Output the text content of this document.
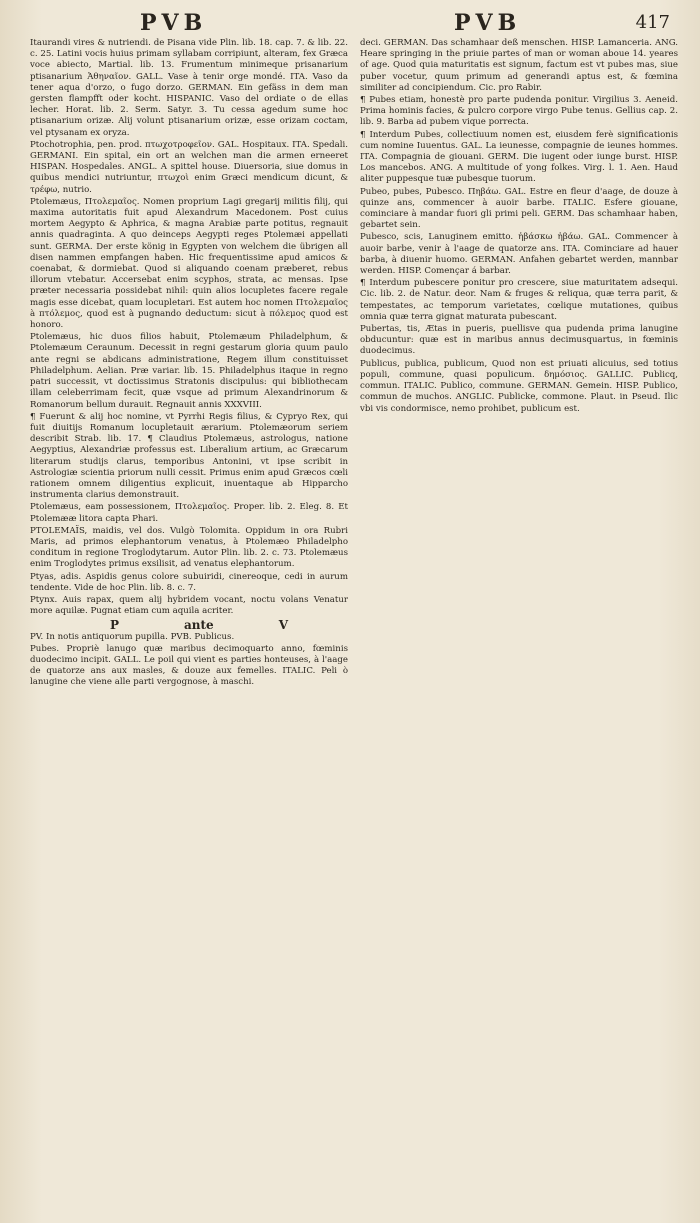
PVB	PVB	417

Itaurandi vires & nutriendi. de Pisana vide Plin. lib. 18. cap. 7. & lib. 22. c. 25. Latini vocis huius primam syllabam corripiunt, alteram, fex Græca voce abiecto, Martial. lib. 13. Frumentum minimeque prisanarium ptisanarium Ἀθηναῖον. GALL. Vase à tenir orge mondé. ITA. Vaso da tener aqua d'orzo, o fugo dorzo. GERMAN. Ein gefäss in dem man gersten flampfft oder kocht. HISPANIC. Vaso del ordiate o de ellas lecher. Horat. lib. 2. Serm. Satyr. 3. Tu cessa agedum sume hoc ptisanarium orizæ. Alij volunt ptisanarium orizæ, esse orizam coctam, vel ptysanam ex oryza.

Ptochotrophia, pen. prod. πτωχοτροφεῖον. GAL. Hospitaux. ITA. Spedali. GERMANI. Ein spital, ein ort an welchen man die armen erneeret HISPAN. Hospedales. ANGL. A spittel house. Diuersoria, siue domus in quibus mendici nutriuntur, πτωχοὶ enim Græci mendicum dicunt, & τρέφω, nutrio.

Ptolemæus, Πτολεμαῖος. Nomen proprium Lagi gregarij militis filij, qui maxima autoritatis fuit apud Alexandrum Macedonem. Post cuius mortem Aegypto & Aphrica, & magna Arabiæ parte potitus, regnauit annis quadraginta. A quo deinceps Aegypti reges Ptolemæi appellati sunt. GERMA. Der erste könig in Egypten von welchem die übrigen all disen nammen empfangen haben. Hic frequentissime apud amicos & coenabat, & dormiebat. Quod si aliquando coenam præberet, rebus illorum vtebatur. Accersebat enim scyphos, strata, ac mensas. Ipse præter necessaria possidebat nihil: quin alios locupletes facere regale magis esse dicebat, quam locupletari. Est autem hoc nomen Πτολεμαῖος à πτόλεμος, quod est à pugnando deductum: sicut à πόλεμος quod est honoro.

Ptolemæus, hic duos filios habuit, Ptolemæum Philadelphum, & Ptolemæum Ceraunum. Decessit in regni gestarum gloria quum paulo ante regni se abdicans administratione, Regem illum constituisset Philadelphum. Aelian. Præ variar. lib. 15. Philadelphus itaque in regno patri successit, vt doctissimus Stratonis discipulus: qui bibliothecam illam celeberrimam fecit, quæ vsque ad primum Alexandrinorum & Romanorum bellum durauit. Regnauit annis XXXVIII.

¶ Fuerunt & alij hoc nomine, vt Pyrrhi Regis filius, & Cypryo Rex, qui fuit diuitijs Romanum locupletauit ærarium. Ptolemæorum seriem describit Strab. lib. 17. ¶ Claudius Ptolemæus, astrologus, natione Aegyptius, Alexandriæ professus est. Liberalium artium, ac Græcarum literarum studijs clarus, temporibus Antonini, vt ipse scribit in Astrologiæ scientia priorum nulli cessit. Primus enim apud Græcos cœli rationem omnem diligentius explicuit, inuentaque ab Hipparcho instrumenta clarius demonstrauit.

Ptolemæus, eam possessionem, Πτολεμαῖος. Proper. lib. 2. Eleg. 8. Et Ptolemææ litora capta Phari.

PTOLEMAÏS, maidis, vel dos. Vulgò Tolomita. Oppidum in ora Rubri Maris, ad primos elephantorum venatus, à Ptolemæo Philadelpho conditum in regione Troglodytarum. Autor Plin. lib. 2. c. 73. Ptolemæus enim Troglodytes primus exsilisit, ad venatus elephantorum.

Ptyas, adis. Aspidis genus colore subuiridi, cinereoque, cedi in aurum tendente. Vide de hoc Plin. lib. 8. c. 7.

Ptynx. Auis rapax, quem alij hybridem vocant, noctu volans Venatur more aquilæ. Pugnat etiam cum aquila acriter.

P	ante	V

PV. In notis antiquorum pupilla. PVB. Publicus.

Pubes. Propriè lanugo quæ maribus decimoquarto anno, fœminis duodecimo incipit. GALL. Le poil qui vient es parties honteuses, à l'aage de quatorze ans aux masles, & douze aux femelles. ITALIC. Peli ò lanugine che viene alle parti vergognose, à maschi.

deci. GERMAN. Das schamhaar deß menschen. HISP. Lamanceria. ANG. Heare springing in the priuie partes of man or woman aboue 14. yeares of age. Quod quia maturitatis est signum, factum est vt pubes mas, siue puber vocetur, quum primum ad generandi aptus est, & fœmina similiter ad concipiendum. Cic. pro Rabir.

¶ Pubes etiam, honestè pro parte pudenda ponitur. Virgilius 3. Aeneid. Prima hominis facies, & pulcro corpore virgo Pube tenus. Gellius cap. 2. lib. 9. Barba ad pubem vique porrecta.

¶ Interdum Pubes, collectiuum nomen est, eiusdem ferè significationis cum nomine Iuuentus. GAL. La ieunesse, compagnie de ieunes hommes. ITA. Compagnia de giouani. GERM. Die iugent oder iunge burst. HISP. Los mancebos. ANG. A multitude of yong folkes. Virg. l. 1. Aen. Haud aliter puppesque tuæ pubesque tuorum.

Pubeo, pubes, Pubesco. Πηβάω. GAL. Estre en fleur d'aage, de douze à quinze ans, commencer à auoir barbe. ITALIC. Esfere giouane, cominciare à mandar fuori gli primi peli. GERM. Das schamhaar haben, gebartet sein.

Pubesco, scis, Lanuginem emitto. ἡβάσκω ἡβάω. GAL. Commencer à auoir barbe, venir à l'aage de quatorze ans. ITA. Cominciare ad hauer barba, à diuenir huomo. GERMAN. Anfahen gebartet werden, mannbar werden. HISP. Començar á barbar.

¶ Interdum pubescere ponitur pro crescere, siue maturitatem adsequi. Cic. lib. 2. de Natur. deor. Nam & fruges & reliqua, quæ terra parit, & tempestates, ac temporum varietates, cœlique mutationes, quibus omnia quæ terra gignat maturata pubescant.

Pubertas, tis, Ætas in pueris, puellisve qua pudenda prima lanugine obducuntur: quæ est in maribus annus decimusquartus, in fœminis duodecimus.

Publicus, publica, publicum, Quod non est priuati alicuius, sed totius populi, commune, quasi populicum. δημόσιος. GALLIC. Publicq, commun. ITALIC. Publico, commune. GERMAN. Gemein. HISP. Publico, commun de muchos. ANGLIC. Publicke, commone. Plaut. in Pseud. Ilic vbi vis condormisce, nemo prohibet, publicum est.
